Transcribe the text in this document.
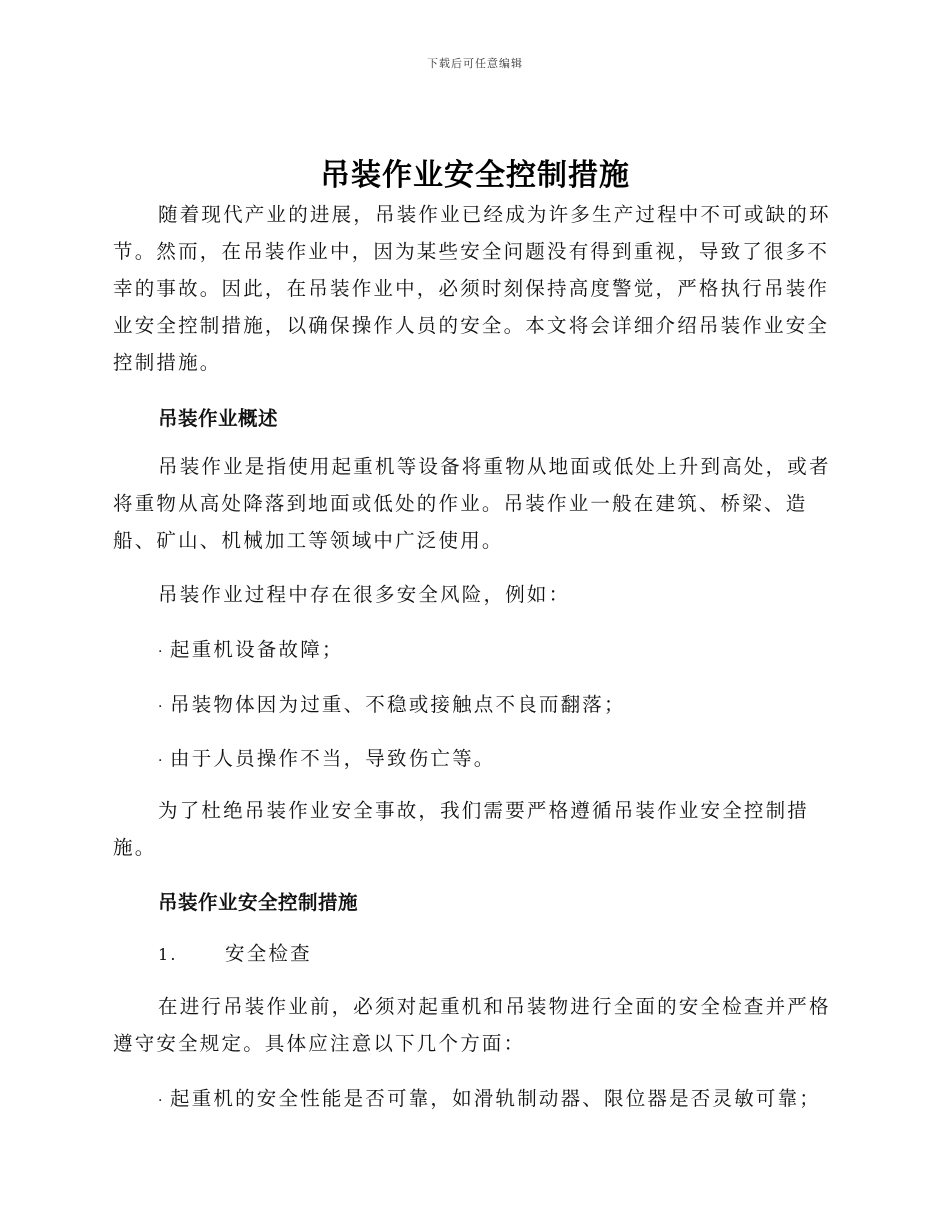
下载后可任意编辑
吊装作业安全控制措施

随着现代产业的进展，吊装作业已经成为许多生产过程中不可或缺的环节。然而，在吊装作业中，因为某些安全问题没有得到重视，导致了很多不幸的事故。因此，在吊装作业中，必须时刻保持高度警觉，严格执行吊装作业安全控制措施，以确保操作人员的安全。本文将会详细介绍吊装作业安全控制措施。

吊装作业概述

吊装作业是指使用起重机等设备将重物从地面或低处上升到高处，或者将重物从高处降落到地面或低处的作业。吊装作业一般在建筑、桥梁、造船、矿山、机械加工等领域中广泛使用。

吊装作业过程中存在很多安全风险，例如：

· 起重机设备故障；
· 吊装物体因为过重、不稳或接触点不良而翻落；
· 由于人员操作不当，导致伤亡等。

为了杜绝吊装作业安全事故，我们需要严格遵循吊装作业安全控制措施。

吊装作业安全控制措施
1. 安全检查

在进行吊装作业前，必须对起重机和吊装物进行全面的安全检查并严格遵守安全规定。具体应注意以下几个方面：

· 起重机的安全性能是否可靠，如滑轨制动器、限位器是否灵敏可靠；
